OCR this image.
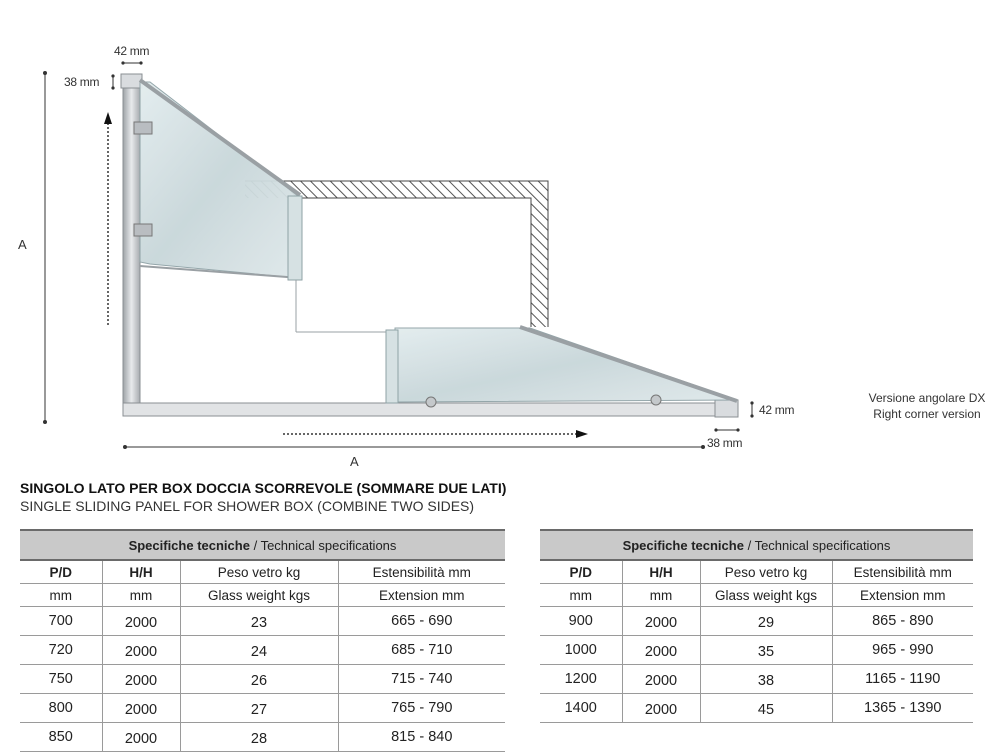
42 mm
38 mm
A
A
42 mm
38 mm
Versione angolare DX
Right corner version
SINGOLO LATO PER BOX DOCCIA SCORREVOLE (SOMMARE DUE LATI)
SINGLE SLIDING PANEL FOR SHOWER BOX (COMBINE TWO SIDES)
Specifiche tecniche / Technical specifications			
P/D	H/H	Peso vetro kg	Estensibilità mm
mm	mm	Glass weight kgs	Extension mm
700	2000	23	665 - 690
720	2000	24	685 - 710
750	2000	26	715 - 740
800	2000	27	765 - 790
850	2000	28	815 - 840
Specifiche tecniche / Technical specifications			
P/D	H/H	Peso vetro kg	Estensibilità mm
mm	mm	Glass weight kgs	Extension mm
900	2000	29	865 - 890
1000	2000	35	965 - 990
1200	2000	38	1165 - 1190
1400	2000	45	1365 - 1390
